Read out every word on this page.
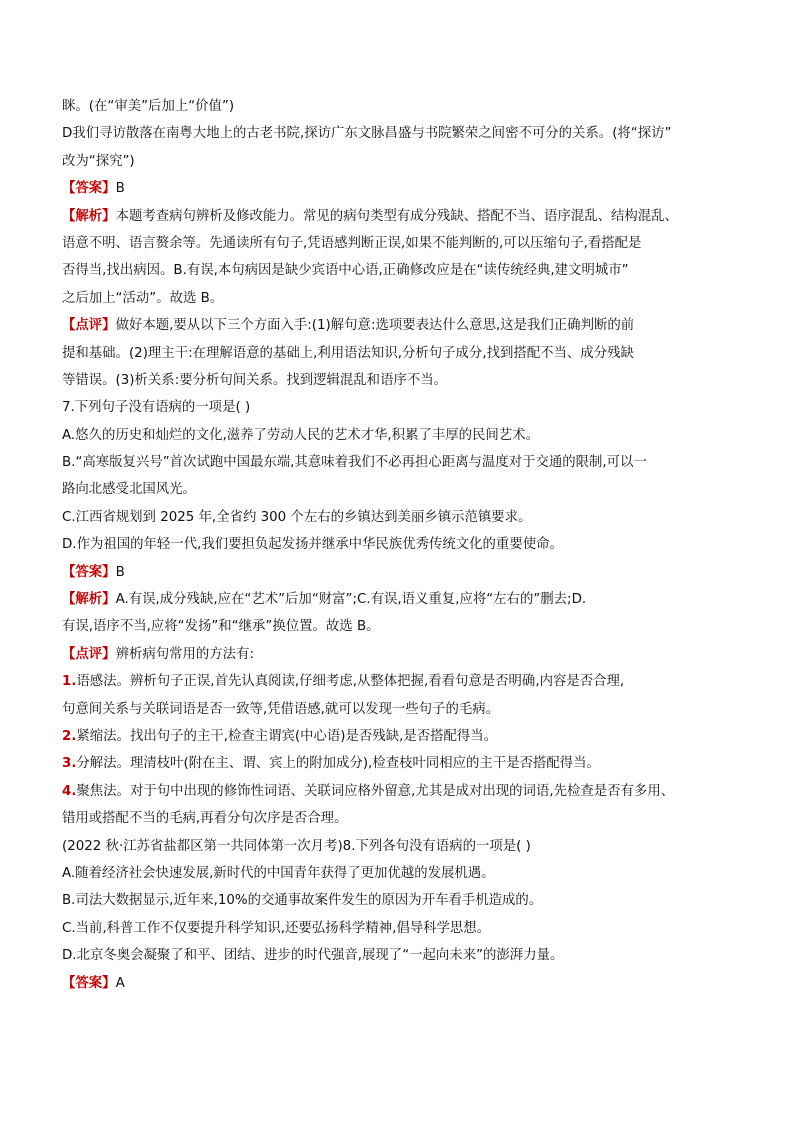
眯。(在“审美”后加上“价值”)
D我们寻访散落在南粤大地上的古老书院,探访广东文脉昌盛与书院繁荣之间密不可分的关系。(将“探访”
改为“探究”)
【答案】B
【解析】本题考查病句辨析及修改能力。常见的病句类型有成分残缺、搭配不当、语序混乱、结构混乱、
语意不明、语言赘余等。先通读所有句子,凭语感判断正误,如果不能判断的,可以压缩句子,看搭配是
否得当,找出病因。B.有误,本句病因是缺少宾语中心语,正确修改应是在“读传统经典,建文明城市”
之后加上“活动”。故选 B。
【点评】做好本题,要从以下三个方面入手:(1)解句意:选项要表达什么意思,这是我们正确判断的前
提和基础。(2)理主干:在理解语意的基础上,利用语法知识,分析句子成分,找到搭配不当、成分残缺
等错误。(3)析关系:要分析句间关系。找到逻辑混乱和语序不当。
7.下列句子没有语病的一项是( )
A.悠久的历史和灿烂的文化,滋养了劳动人民的艺术才华,积累了丰厚的民间艺术。
B.“高寒版复兴号”首次试跑中国最东端,其意味着我们不必再担心距离与温度对于交通的限制,可以一
路向北感受北国风光。
C.江西省规划到 2025 年,全省约 300 个左右的乡镇达到美丽乡镇示范镇要求。
D.作为祖国的年轻一代,我们要担负起发扬并继承中华民族优秀传统文化的重要使命。
【答案】B
【解析】A.有误,成分残缺,应在“艺术”后加“财富”;C.有误,语义重复,应将“左右的”删去;D.
有误,语序不当,应将“发扬”和“继承”换位置。故选 B。
【点评】辨析病句常用的方法有:
1.语感法。辨析句子正误,首先认真阅读,仔细考虑,从整体把握,看看句意是否明确,内容是否合理,
句意间关系与关联词语是否一致等,凭借语感,就可以发现一些句子的毛病。
2.紧缩法。找出句子的主干,检查主谓宾(中心语)是否残缺,是否搭配得当。
3.分解法。理清枝叶(附在主、谓、宾上的附加成分),检查枝叶同相应的主干是否搭配得当。
4.聚焦法。对于句中出现的修饰性词语、关联词应格外留意,尤其是成对出现的词语,先检查是否有多用、
错用或搭配不当的毛病,再看分句次序是否合理。
(2022 秋·江苏省盐都区第一共同体第一次月考)8.下列各句没有语病的一项是( )
A.随着经济社会快速发展,新时代的中国青年获得了更加优越的发展机遇。
B.司法大数据显示,近年来,10%的交通事故案件发生的原因为开车看手机造成的。
C.当前,科普工作不仅要提升科学知识,还要弘扬科学精神,倡导科学思想。
D.北京冬奥会凝聚了和平、团结、进步的时代强音,展现了“一起向未来”的澎湃力量。
【答案】A
